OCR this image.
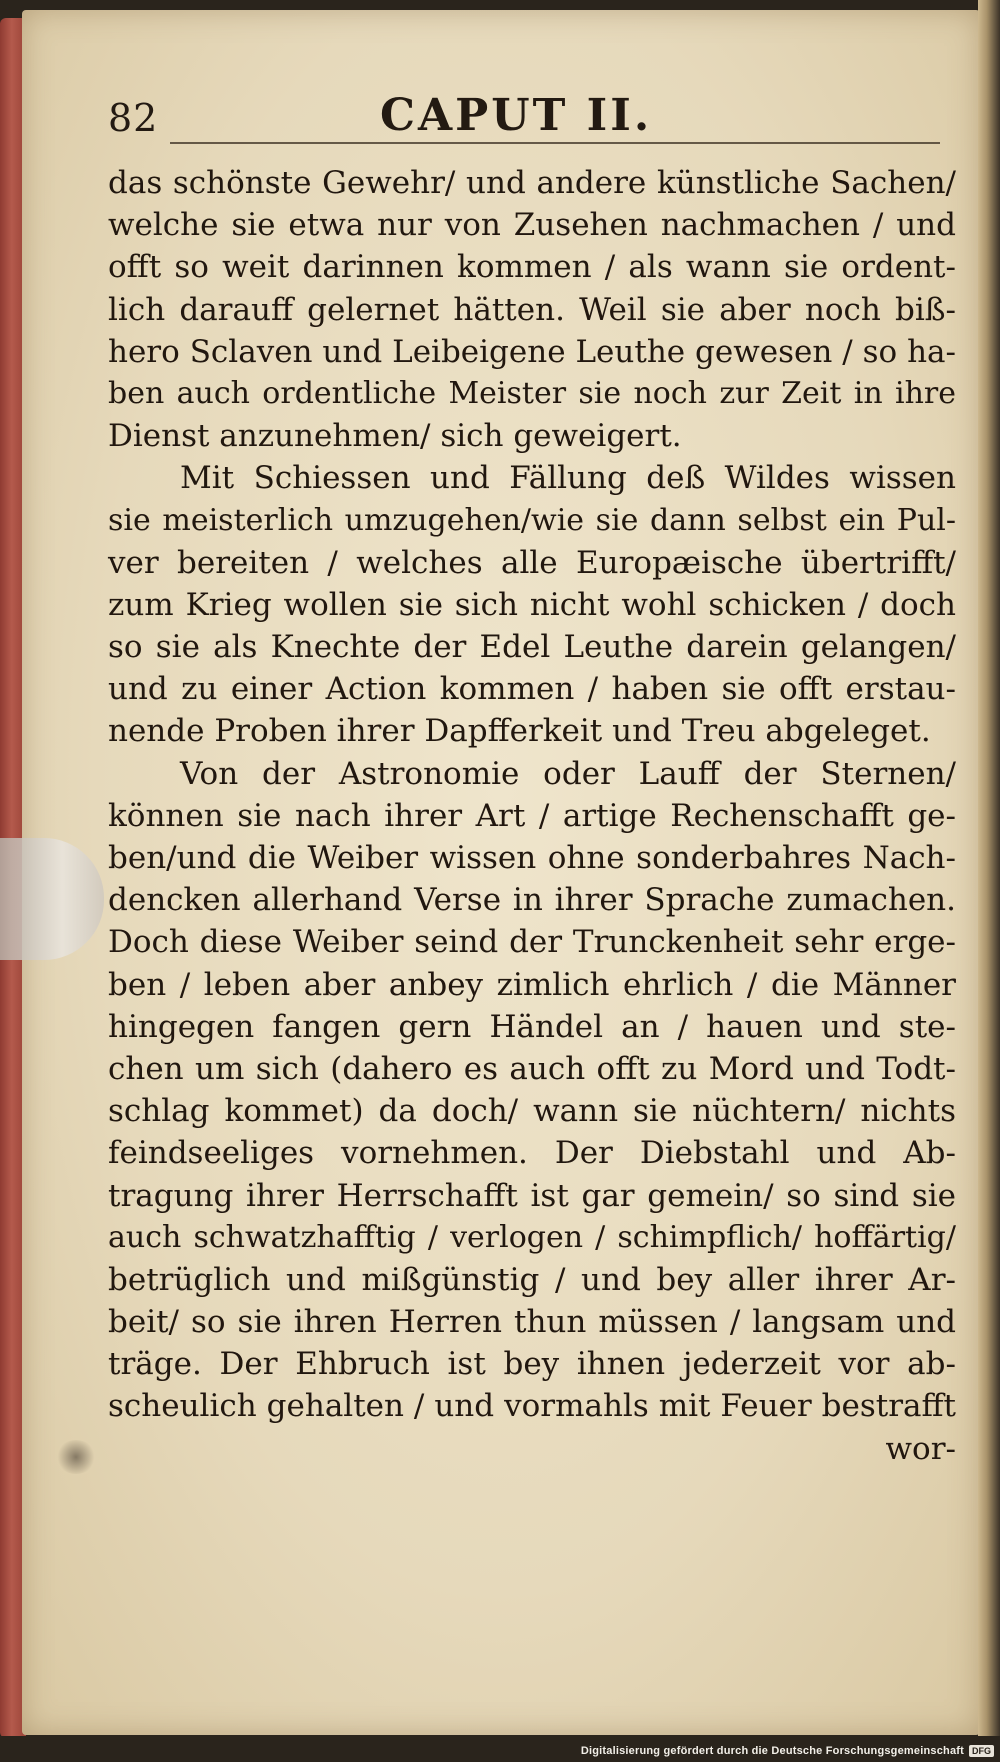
82	CAPUT II.
das schönste Gewehr/ und andere künstliche Sachen/
welche sie etwa nur von Zusehen nachmachen / und
offt so weit darinnen kommen / als wann sie ordent-
lich darauff gelernet hätten. Weil sie aber noch biß-
hero Sclaven und Leibeigene Leuthe gewesen / so ha-
ben auch ordentliche Meister sie noch zur Zeit in ihre
Dienst anzunehmen/ sich geweigert.
Mit Schiessen und Fällung deß Wildes wissen
sie meisterlich umzugehen/wie sie dann selbst ein Pul-
ver bereiten / welches alle Europæische übertrifft/
zum Krieg wollen sie sich nicht wohl schicken / doch
so sie als Knechte der Edel Leuthe darein gelangen/
und zu einer Action kommen / haben sie offt erstau-
nende Proben ihrer Dapfferkeit und Treu abgeleget.
Von der Astronomie oder Lauff der Sternen/
können sie nach ihrer Art / artige Rechenschafft ge-
ben/und die Weiber wissen ohne sonderbahres Nach-
dencken allerhand Verse in ihrer Sprache zumachen.
Doch diese Weiber seind der Trunckenheit sehr erge-
ben / leben aber anbey zimlich ehrlich / die Männer
hingegen fangen gern Händel an / hauen und ste-
chen um sich (dahero es auch offt zu Mord und Todt-
schlag kommet) da doch/ wann sie nüchtern/ nichts
feindseeliges vornehmen. Der Diebstahl und Ab-
tragung ihrer Herrschafft ist gar gemein/ so sind sie
auch schwatzhafftig / verlogen / schimpflich/ hoffärtig/
betrüglich und mißgünstig / und bey aller ihrer Ar-
beit/ so sie ihren Herren thun müssen / langsam und
träge. Der Ehbruch ist bey ihnen jederzeit vor ab-
scheulich gehalten / und vormahls mit Feuer bestrafft
wor-
Digitalisierung gefördert durch die Deutsche Forschungsgemeinschaft DFG
